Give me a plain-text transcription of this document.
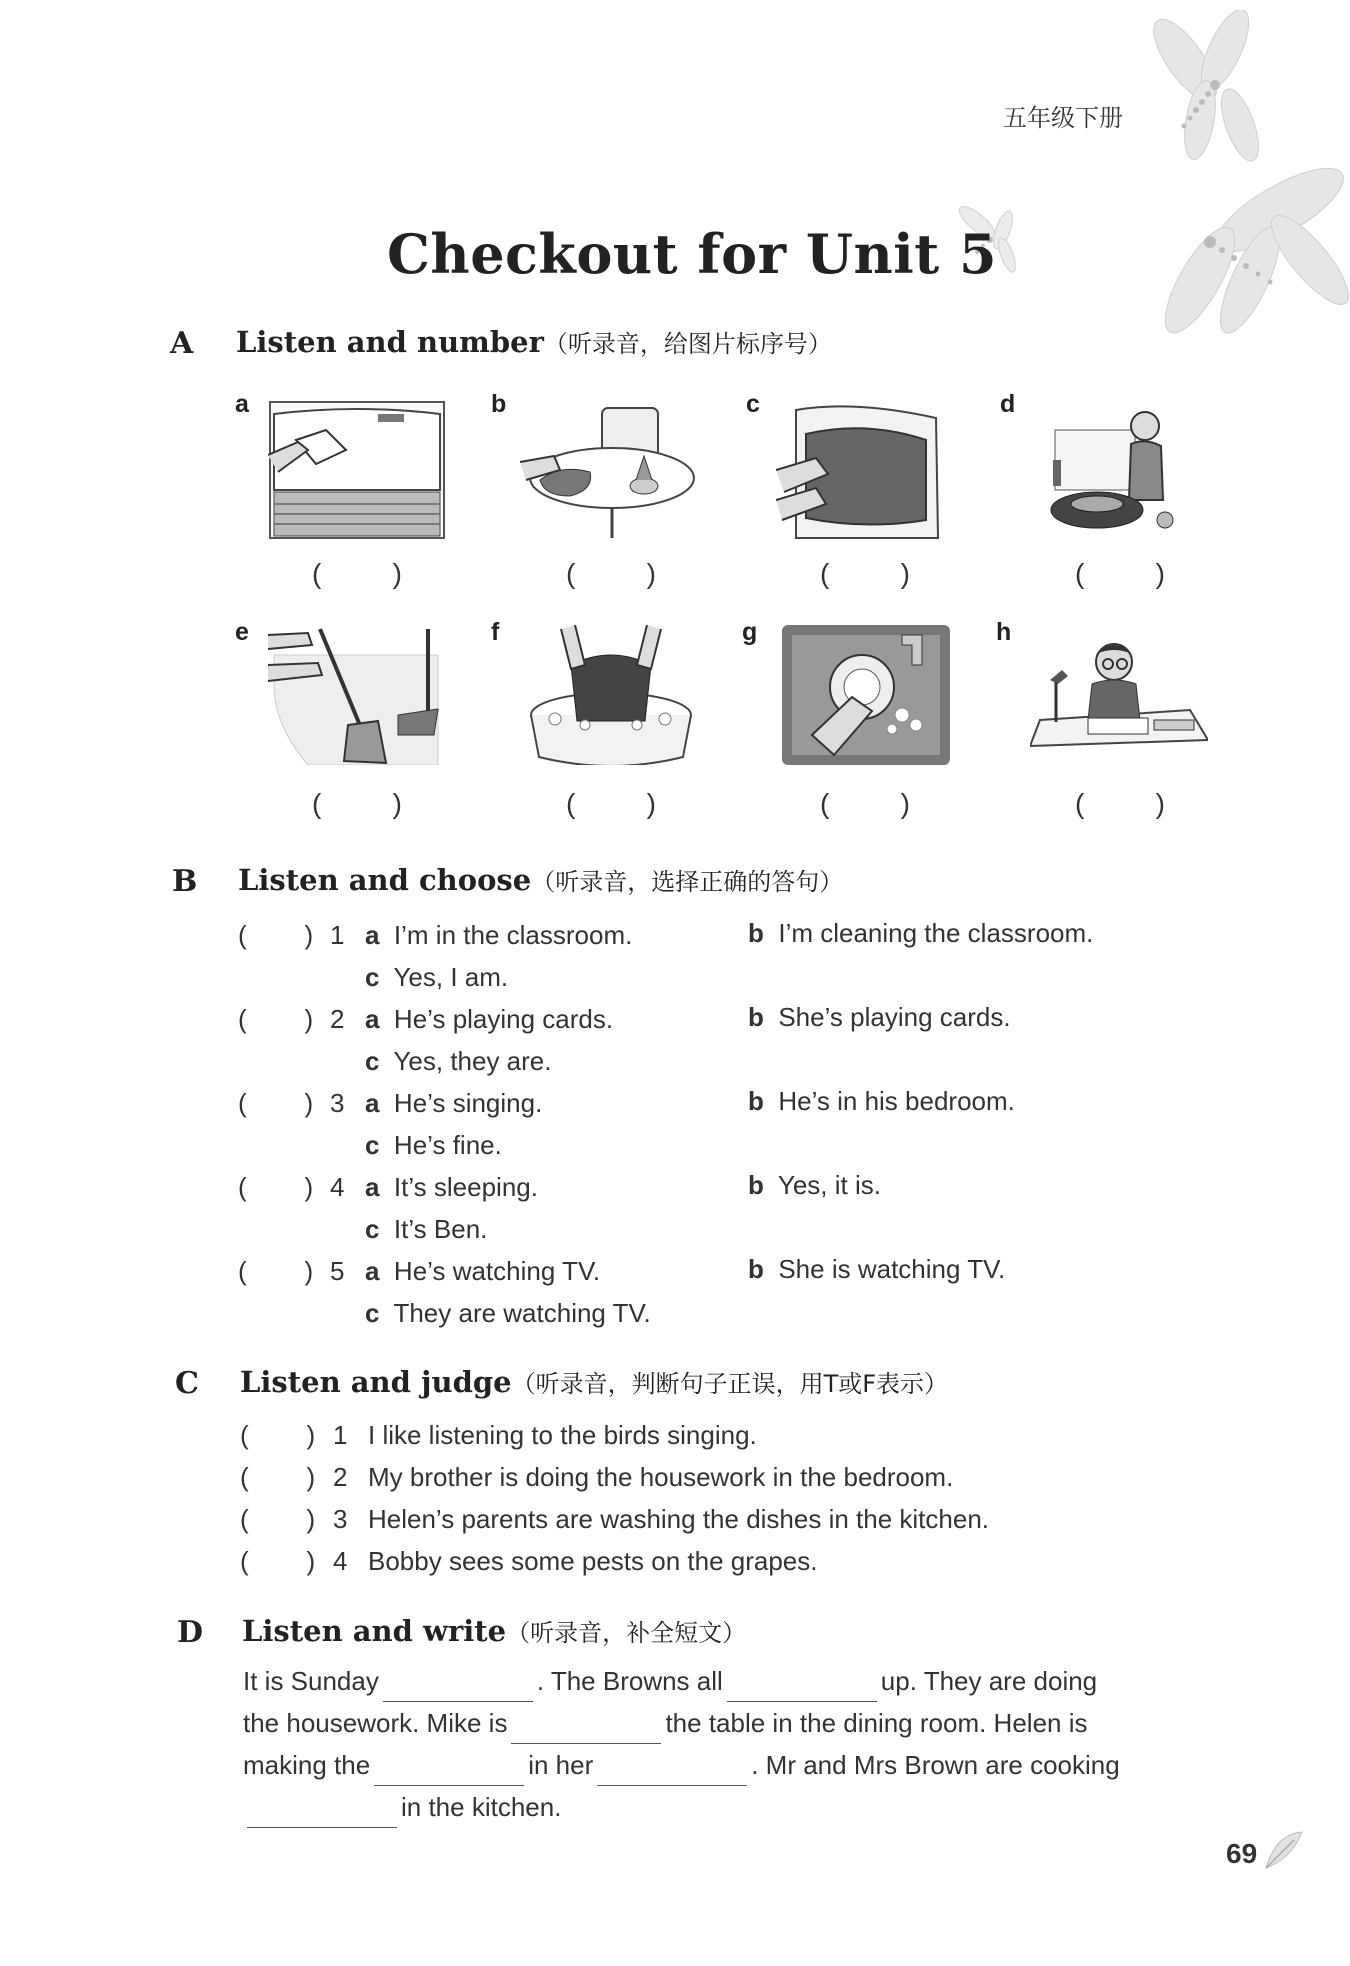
五年级下册
Checkout for Unit 5
A Listen and number（听录音，给图片标序号）
a	b	c	d
e	f	g	h
(	)	(	)	(	)	(	)
(	)	(	)	(	)	(	)
B Listen and choose（听录音，选择正确的答句）
(        ) 1 a I’m in the classroom.	b I’m cleaning the classroom.
c Yes, I am.
(        ) 2 a He’s playing cards.	b She’s playing cards.
c Yes, they are.
(        ) 3 a He’s singing.	b He’s in his bedroom.
c He’s fine.
(        ) 4 a It’s sleeping.	b Yes, it is.
c It’s Ben.
(        ) 5 a He’s watching TV.	b She is watching TV.
c They are watching TV.
C Listen and judge（听录音，判断句子正误，用T或F表示）
(        ) 1 I like listening to the birds singing.
(        ) 2 My brother is doing the housework in the bedroom.
(        ) 3 Helen’s parents are washing the dishes in the kitchen.
(        ) 4 Bobby sees some pests on the grapes.
D Listen and write（听录音，补全短文）
It is Sunday	. The Browns all	up. They are doing
the housework. Mike is	the table in the dining room. Helen is
making the	in her	. Mr and Mrs Brown are cooking
in the kitchen.
69
